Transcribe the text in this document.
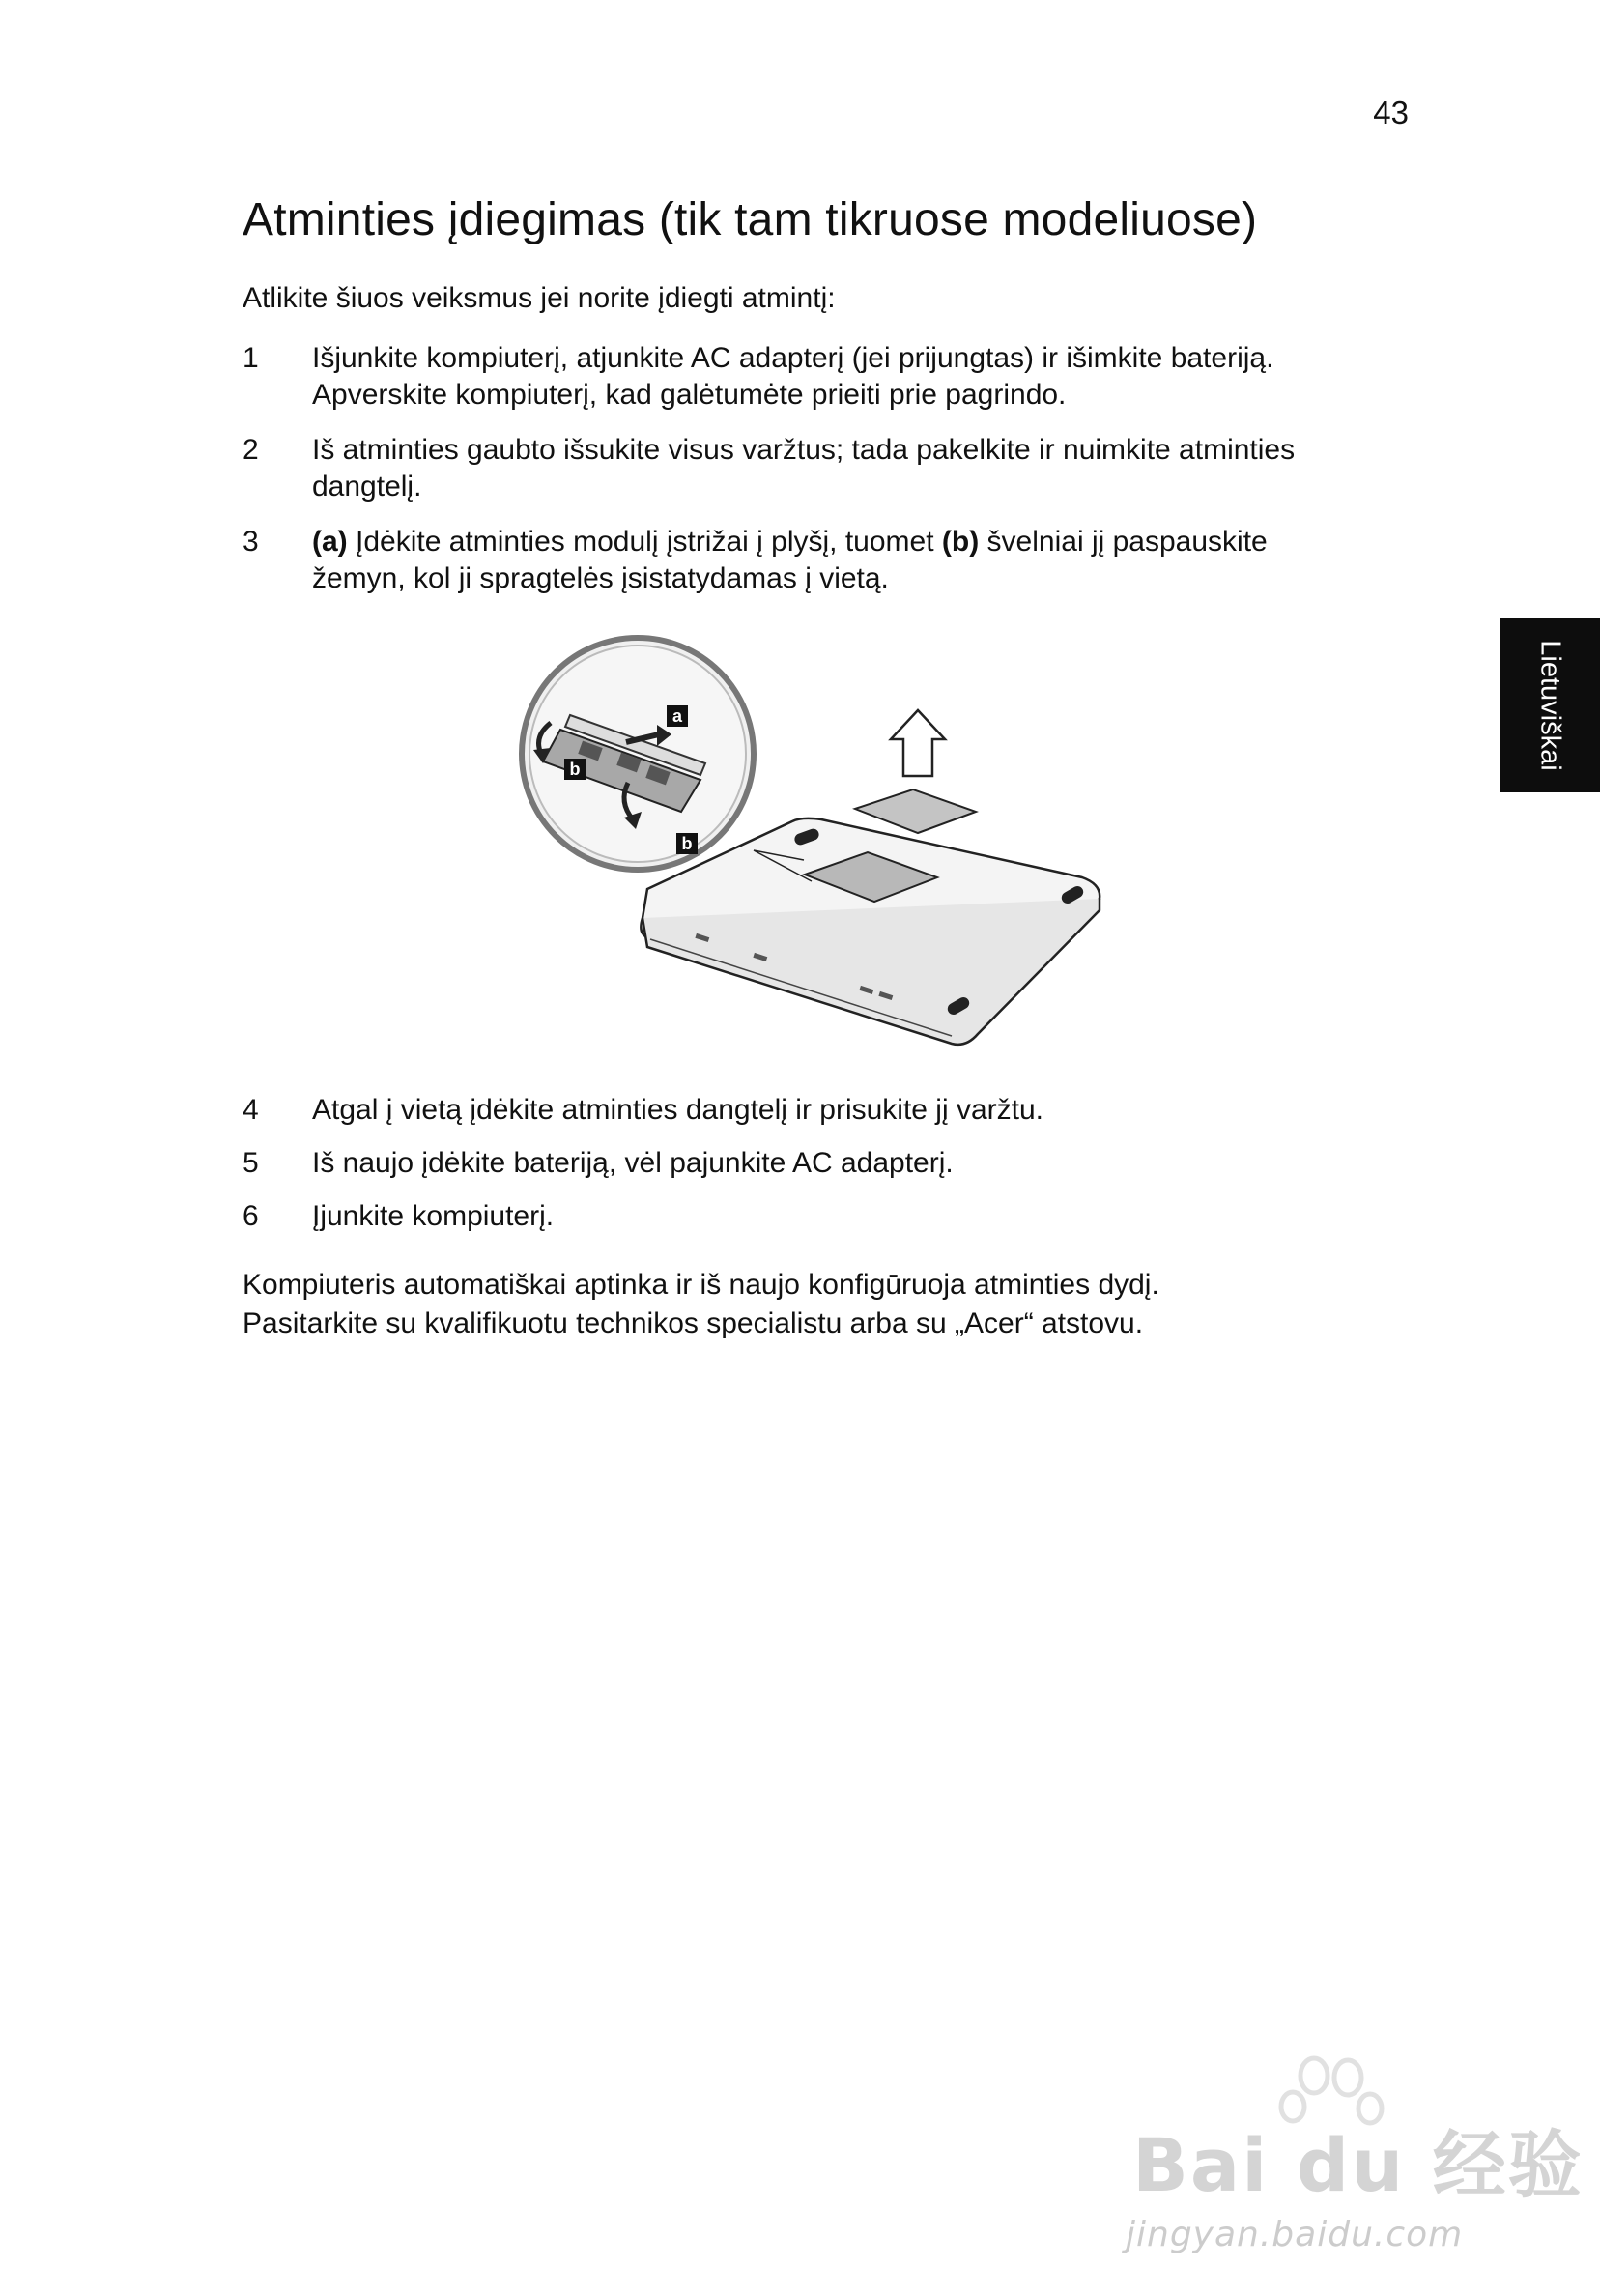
43
Atminties įdiegimas (tik tam tikruose modeliuose)
Atlikite šiuos veiksmus jei norite įdiegti atmintį:
1	Išjunkite kompiuterį, atjunkite AC adapterį (jei prijungtas) ir išimkite bateriją.
Apverskite kompiuterį, kad galėtumėte prieiti prie pagrindo.
2	Iš atminties gaubto išsukite visus varžtus; tada pakelkite ir nuimkite atminties
dangtelį.
3	(a) Įdėkite atminties modulį įstrižai į plyšį, tuomet (b) švelniai jį paspauskite
žemyn, kol ji spragtelės įsistatydamas į vietą.
a
b
b
4	Atgal į vietą įdėkite atminties dangtelį ir prisukite jį varžtu.
5	Iš naujo įdėkite bateriją, vėl pajunkite AC adapterį.
6	Įjunkite kompiuterį.
Kompiuteris automatiškai aptinka ir iš naujo konfigūruoja atminties dydį.
Pasitarkite su kvalifikuotu technikos specialistu arba su „Acer“ atstovu.
Lietuviškai
Bai du 经验
jingyan.baidu.com
